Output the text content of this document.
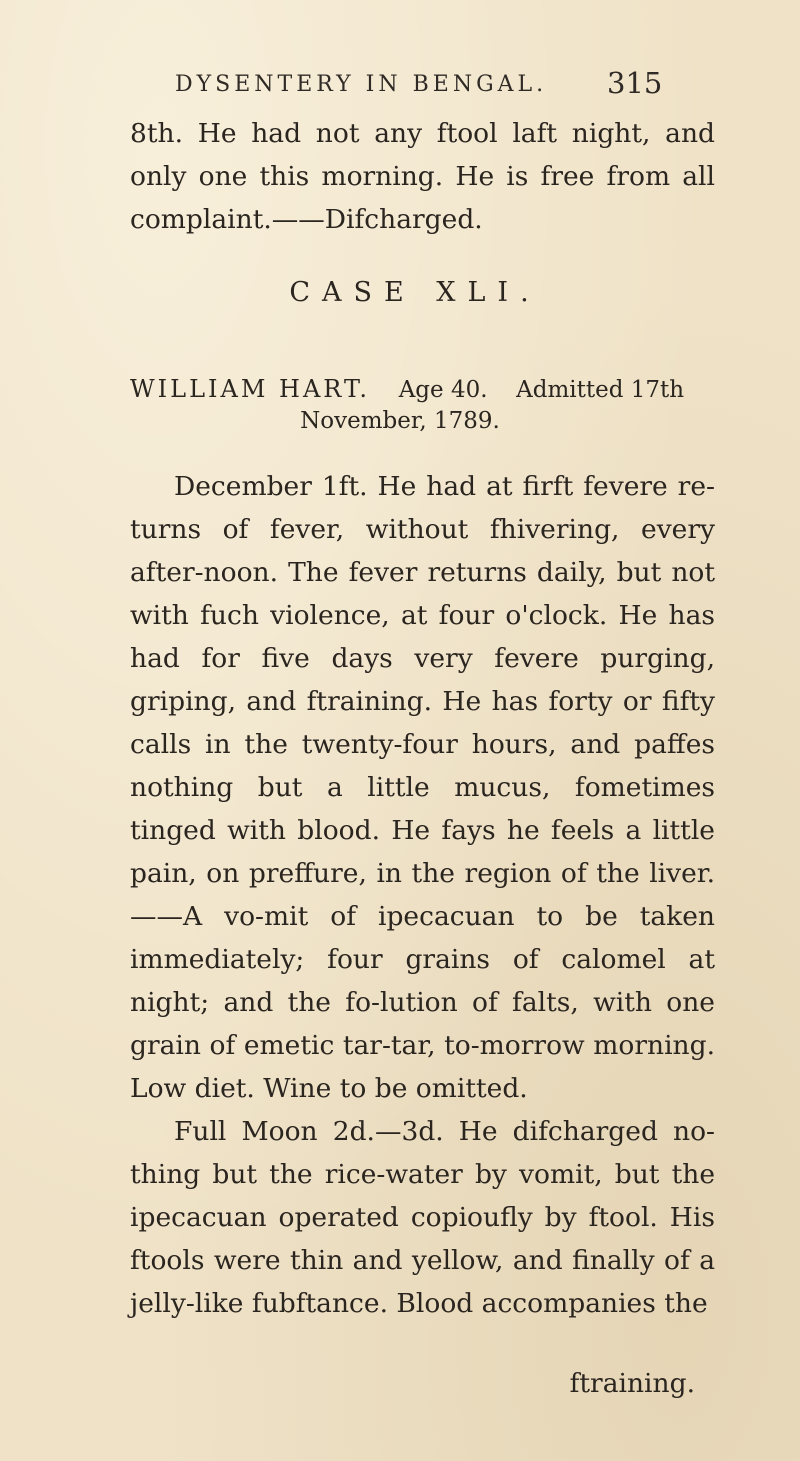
DYSENTERY IN BENGAL. 315

8th. He had not any ftool laft night, and only one this morning. He is free from all complaint.——Difcharged.

CASE XLI.
WILLIAM HART. Age 40. Admitted 17th
November, 1789.

December 1ft. He had at firft fevere re-turns of fever, without fhivering, every after-noon. The fever returns daily, but not with fuch violence, at four o'clock. He has had for five days very fevere purging, griping, and ftraining. He has forty or fifty calls in the twenty-four hours, and paffes nothing but a little mucus, fometimes tinged with blood. He fays he feels a little pain, on preffure, in the region of the liver.——A vo-mit of ipecacuan to be taken immediately; four grains of calomel at night; and the fo-lution of falts, with one grain of emetic tar-tar, to-morrow morning. Low diet. Wine to be omitted.

Full Moon 2d.—3d. He difcharged no-thing but the rice-water by vomit, but the ipecacuan operated copioufly by ftool. His ftools were thin and yellow, and finally of a jelly-like fubftance. Blood accompanies the

ftraining.
